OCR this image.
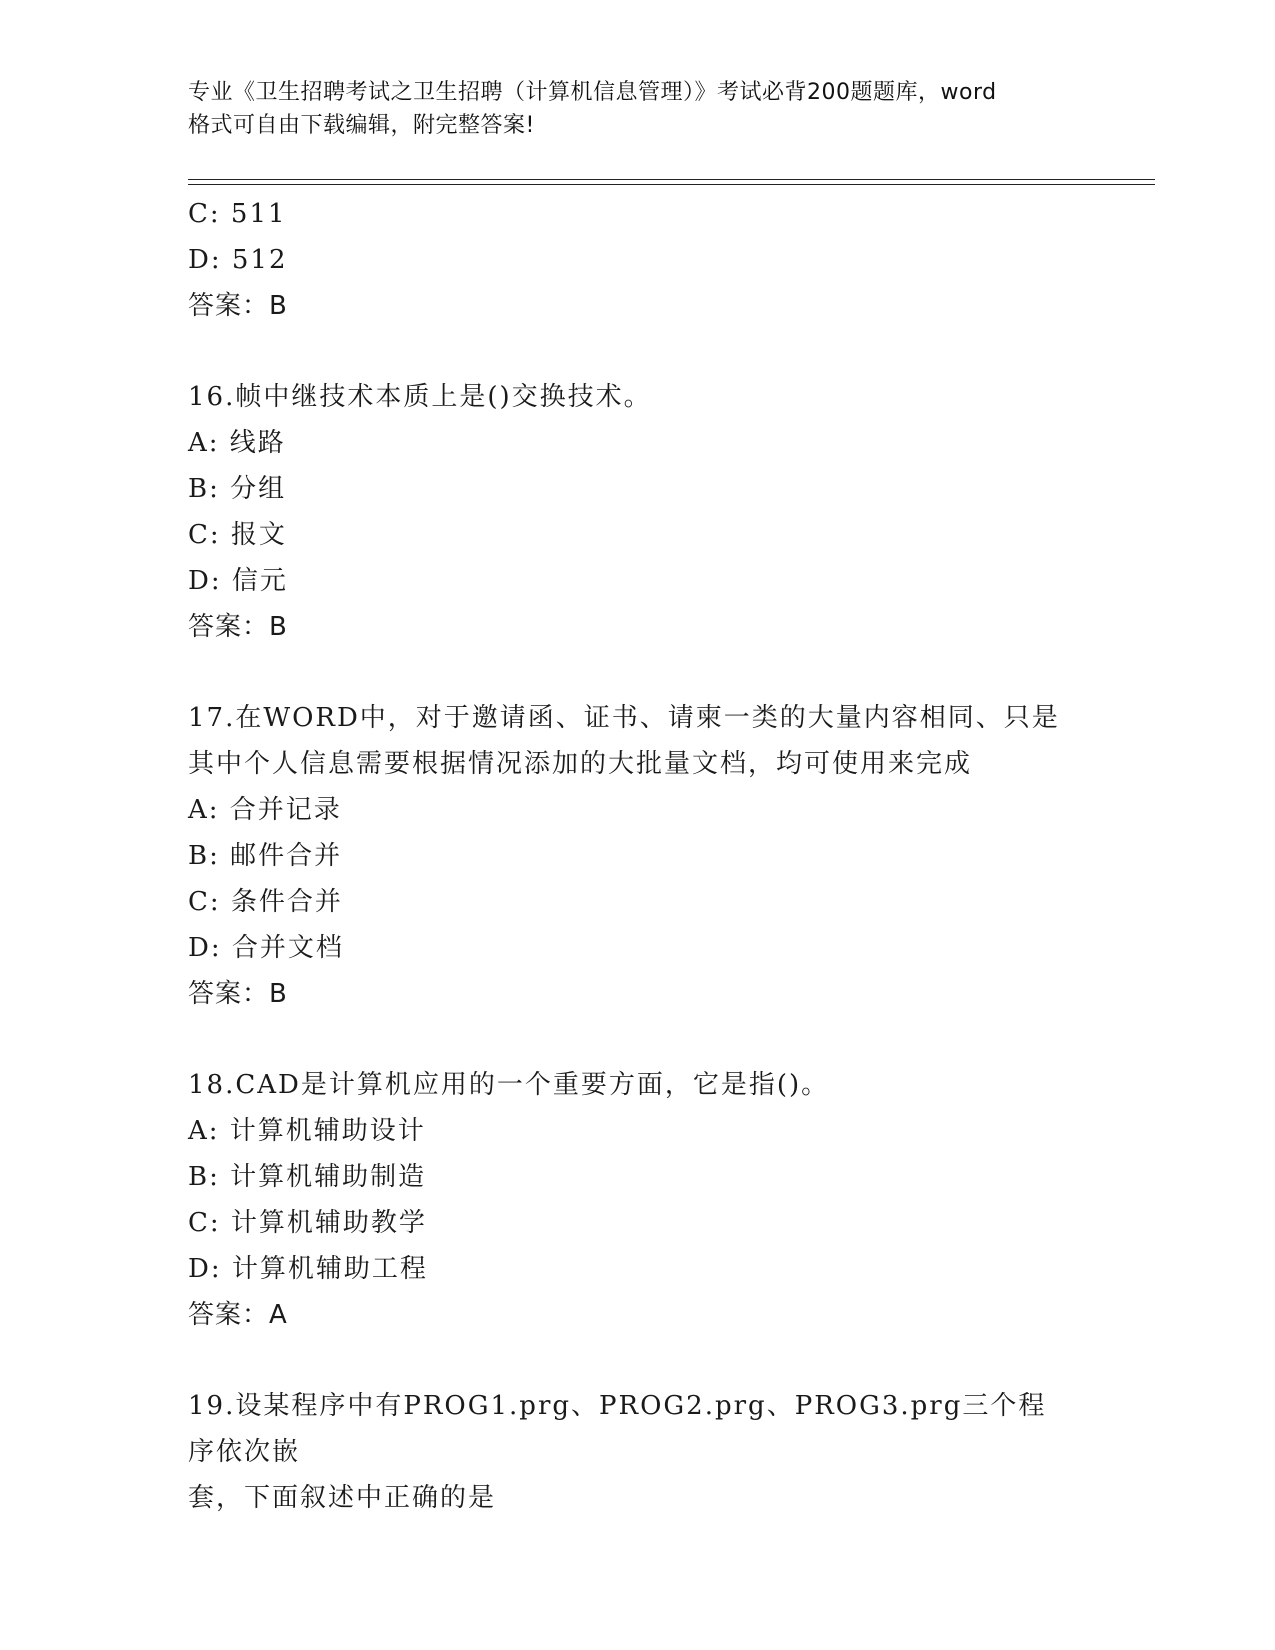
专业《卫生招聘考试之卫生招聘（计算机信息管理）》考试必背200题题库，word
格式可自由下载编辑，附完整答案!
C: 511
D: 512
答案：B
16.帧中继技术本质上是()交换技术。
A: 线路
B: 分组
C: 报文
D: 信元
答案：B
17.在WORD中，对于邀请函、证书、请柬一类的大量内容相同、只是
其中个人信息需要根据情况添加的大批量文档，均可使用来完成
A: 合并记录
B: 邮件合并
C: 条件合并
D: 合并文档
答案：B
18.CAD是计算机应用的一个重要方面，它是指()。
A: 计算机辅助设计
B: 计算机辅助制造
C: 计算机辅助教学
D: 计算机辅助工程
答案：A
19.设某程序中有PROG1.prg、PROG2.prg、PROG3.prg三个程序依次嵌
套，下面叙述中正确的是
